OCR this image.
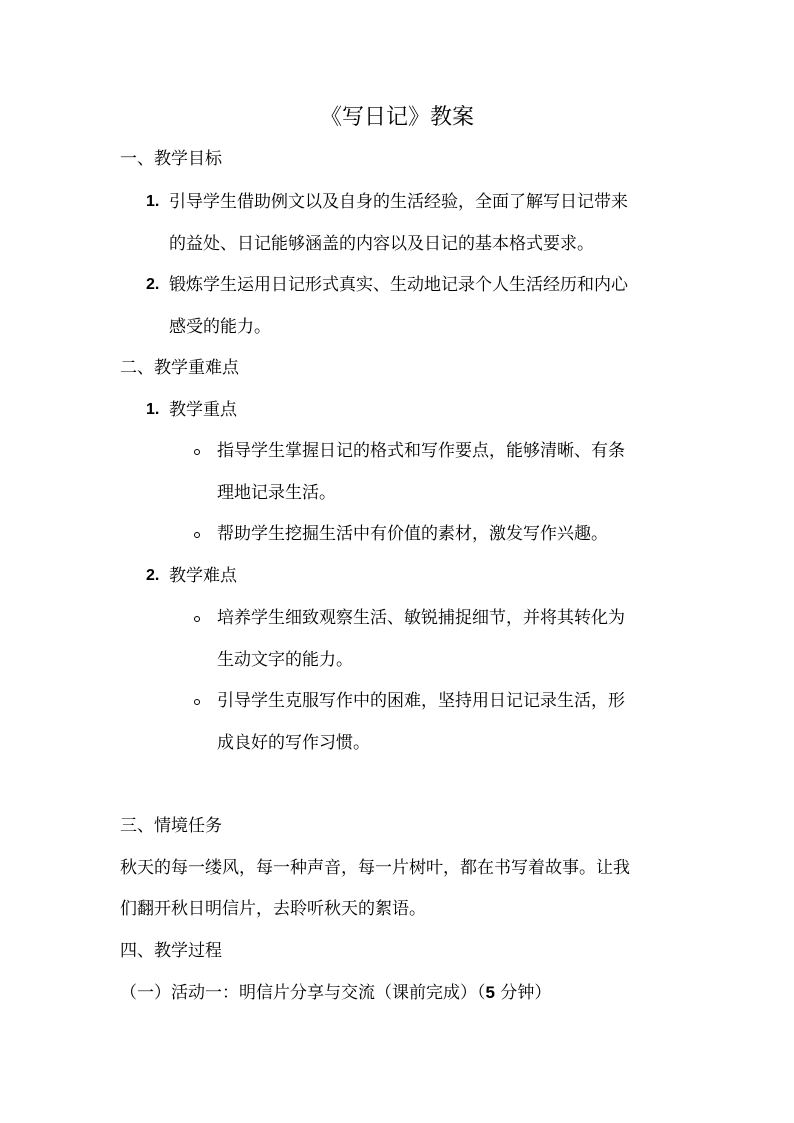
《写日记》教案
一、教学目标
1. 引导学生借助例文以及自身的生活经验，全面了解写日记带来
的益处、日记能够涵盖的内容以及日记的基本格式要求。
2. 锻炼学生运用日记形式真实、生动地记录个人生活经历和内心
感受的能力。
二、教学重难点
1. 教学重点
指导学生掌握日记的格式和写作要点，能够清晰、有条
理地记录生活。
帮助学生挖掘生活中有价值的素材，激发写作兴趣。
2. 教学难点
培养学生细致观察生活、敏锐捕捉细节，并将其转化为
生动文字的能力。
引导学生克服写作中的困难，坚持用日记记录生活，形
成良好的写作习惯。
三、情境任务
秋天的每一缕风，每一种声音，每一片树叶，都在书写着故事。让我
们翻开秋日明信片，去聆听秋天的絮语。
四、教学过程
（一）活动一：明信片分享与交流（课前完成）（5 分钟）
